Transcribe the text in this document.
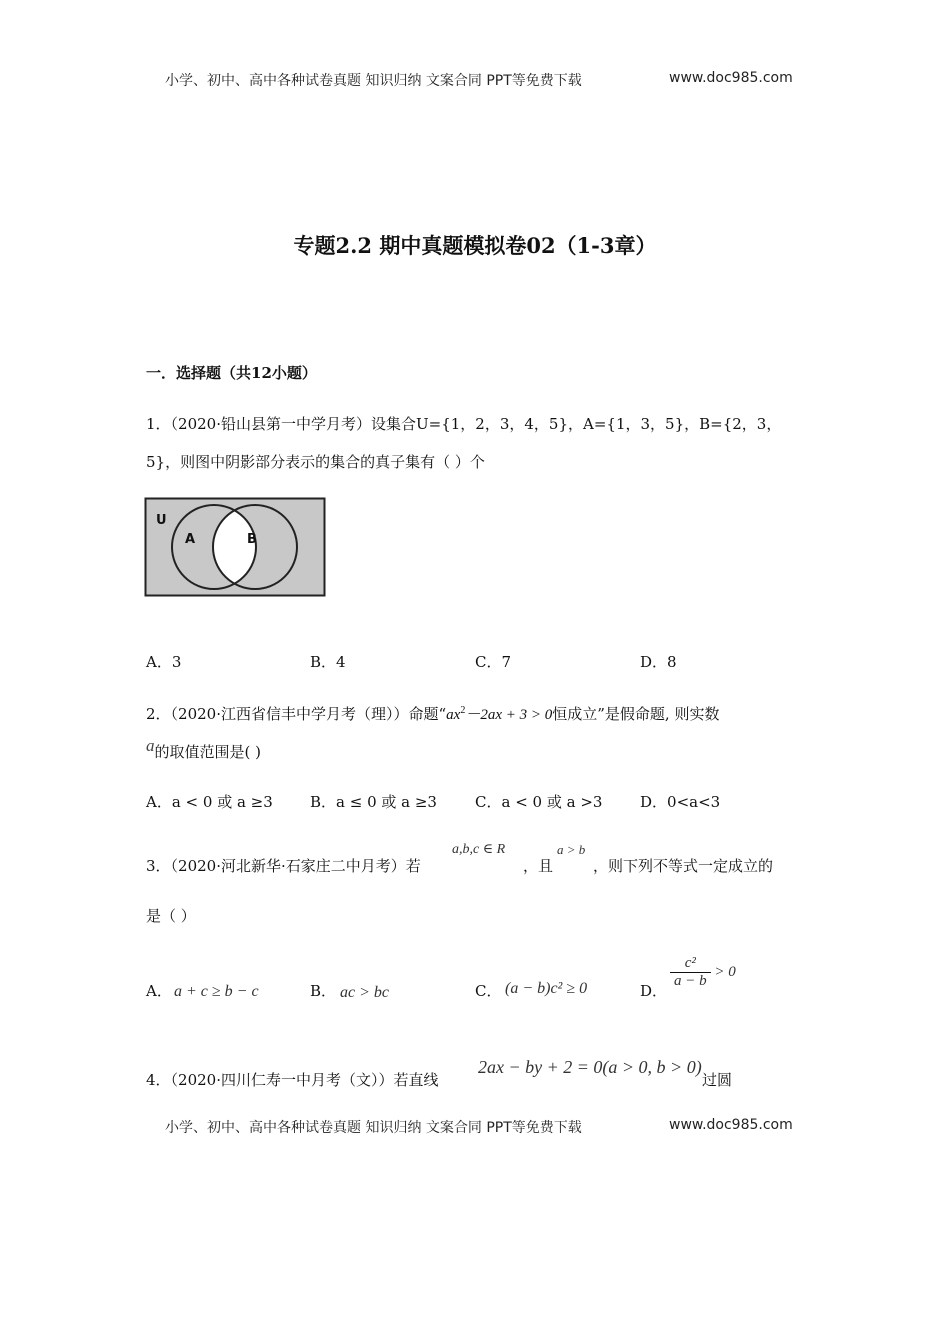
小学、初中、高中各种试卷真题 知识归纳 文案合同 PPT等免费下载	www.doc985.com
专题2.2 期中真题模拟卷02（1-3章）
一．选择题（共12小题）
1．（2020·铅山县第一中学月考）设集合U={1，2，3，4，5}，A={1，3，5}，B={2，3，
5}，则图中阴影部分表示的集合的真子集有（ ）个
U
A	B
A．3	B．4	C．7	D．8
2．（2020·江西省信丰中学月考（理））命题“$ax^2-2ax + 3 > 0$恒成立”是假命题, 则实数
a的取值范围是( )
A．a < 0 或 a ≥3 B．a ≤ 0 或 a ≥3	C．a < 0 或 a >3	D．0<a<3
3．（2020·河北新华·石家庄二中月考）若
a,b,c ∈ R
，且
a > b
，则下列不等式一定成立的
是（ ）
A． a + c ≥ b − c	B． ac > bc	C． (a − b)c² ≥ 0	D．
$\frac{\text{c²}}{a - b} > 0$
4．（2020·四川仁寿一中月考（文））若直线
2ax − by + 2 = 0(a > 0, b > 0)
过圆
小学、初中、高中各种试卷真题 知识归纳 文案合同 PPT等免费下载	www.doc985.com
